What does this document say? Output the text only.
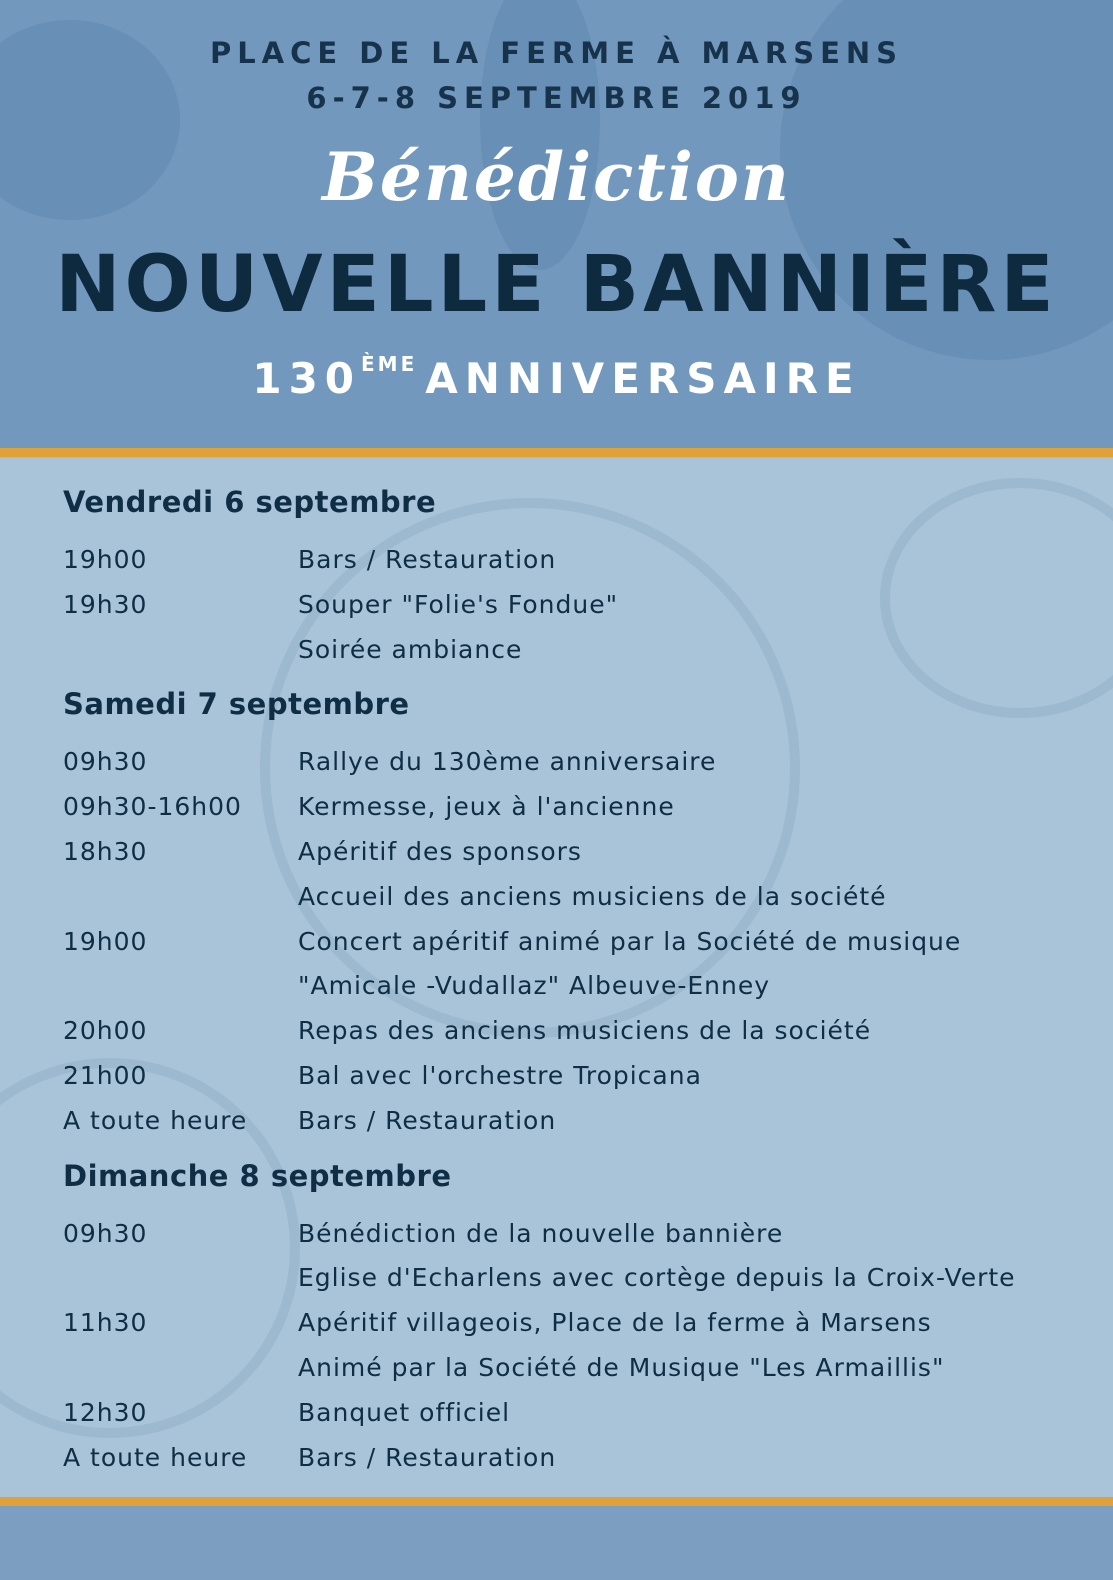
PLACE DE LA FERME À MARSENS
6-7-8 SEPTEMBRE 2019
Bénédiction
NOUVELLE BANNIÈRE
130ÈME ANNIVERSAIRE
Vendredi 6 septembre
19h00	Bars / Restauration
19h30	Souper "Folie's Fondue"
Soirée ambiance
Samedi 7 septembre
09h30	Rallye du 130ème anniversaire
09h30-16h00	Kermesse, jeux à l'ancienne
18h30	Apéritif des sponsors
Accueil des anciens musiciens de la société
19h00	Concert apéritif animé par la Société de musique
"Amicale -Vudallaz" Albeuve-Enney
20h00	Repas des anciens musiciens de la société
21h00	Bal avec l'orchestre Tropicana
A toute heure	Bars / Restauration
Dimanche 8 septembre
09h30	Bénédiction de la nouvelle bannière
Eglise d'Echarlens avec cortège depuis la Croix-Verte
11h30	Apéritif villageois, Place de la ferme à Marsens
Animé par la Société de Musique "Les Armaillis"
12h30	Banquet officiel
A toute heure	Bars / Restauration
